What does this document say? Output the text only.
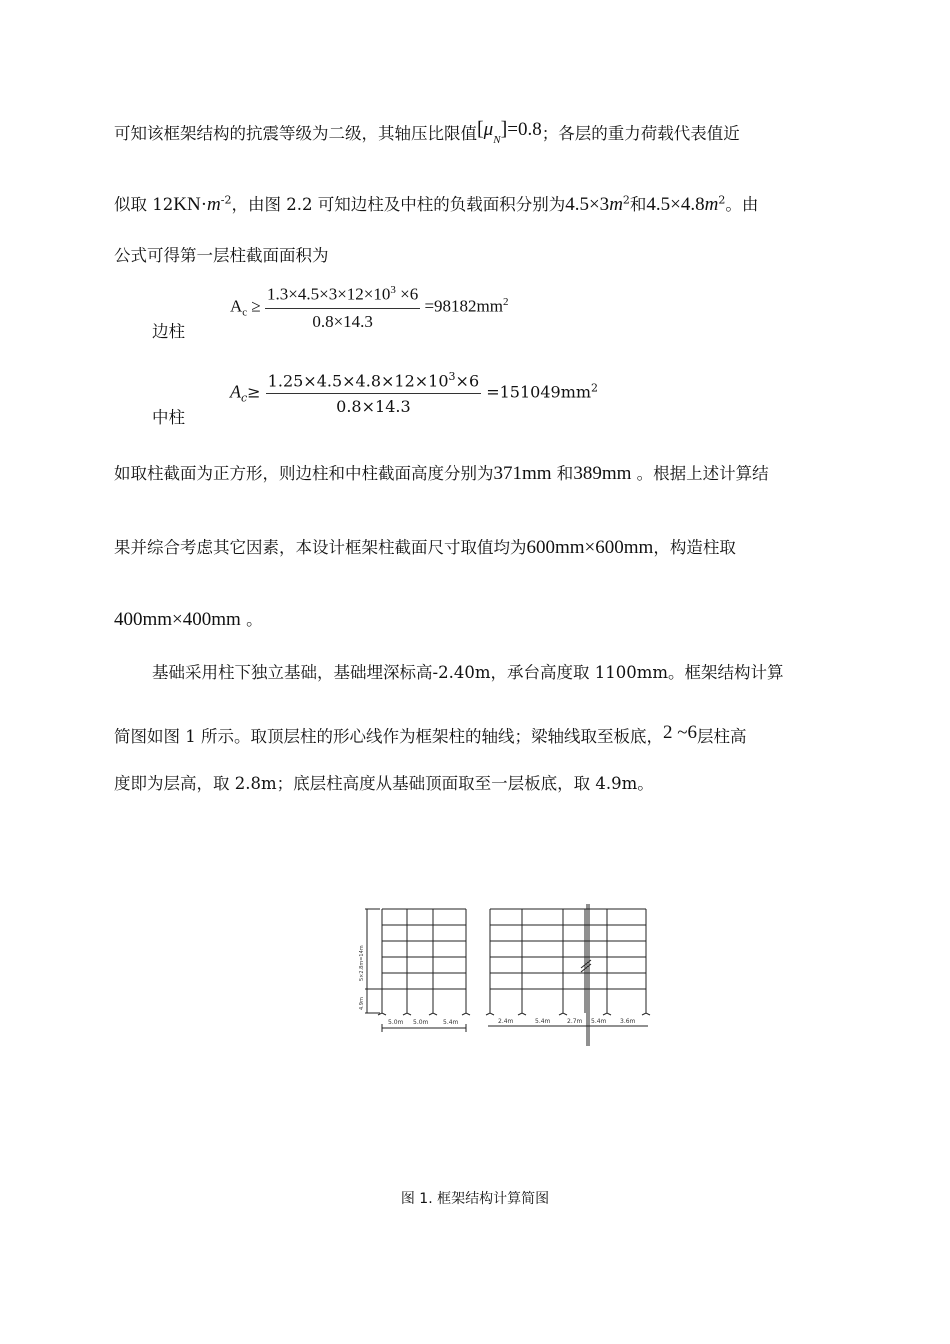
可知该框架结构的抗震等级为二级，其轴压比限值$[\mu_N]=0.8$；各层的重力荷载代表值近
似取 $12KN\cdot m^{-2}$，由图 2.2 可知边柱及中柱的负载面积分别为$4.5\times 3m^2$和$4.5\times 4.8m^2$。由
公式可得第一层柱截面面积为
边柱
$A_c \ge \frac{1.3\times 4.5\times 3\times 12\times 10^3 \times 6}{0.8\times 14.3} =98182mm^2$
中柱
$A_c\ge \frac{1.25\times 4.5\times 4.8\times 12\times 10^3\times 6}{0.8\times 14.3} =151049mm^2$
如取柱截面为正方形，则边柱和中柱截面高度分别为371mm 和389mm 。根据上述计算结
果并综合考虑其它因素，本设计框架柱截面尺寸取值均为600mm×600mm，构造柱取
400mm×400mm 。
基础采用柱下独立基础，基础埋深标高-2.40m，承台高度取 1100mm。框架结构计算
简图如图 1 所示。取顶层柱的形心线作为框架柱的轴线；梁轴线取至板底，2 ~6层柱高
度即为层高，取 2.8m；底层柱高度从基础顶面取至一层板底，取 4.9m。
5.0m 5.0m 5.4m	2.4m	5.4m	2.7m 5.4m 3.6m
5×2.8m=14m
4.9m
图 1. 框架结构计算简图
